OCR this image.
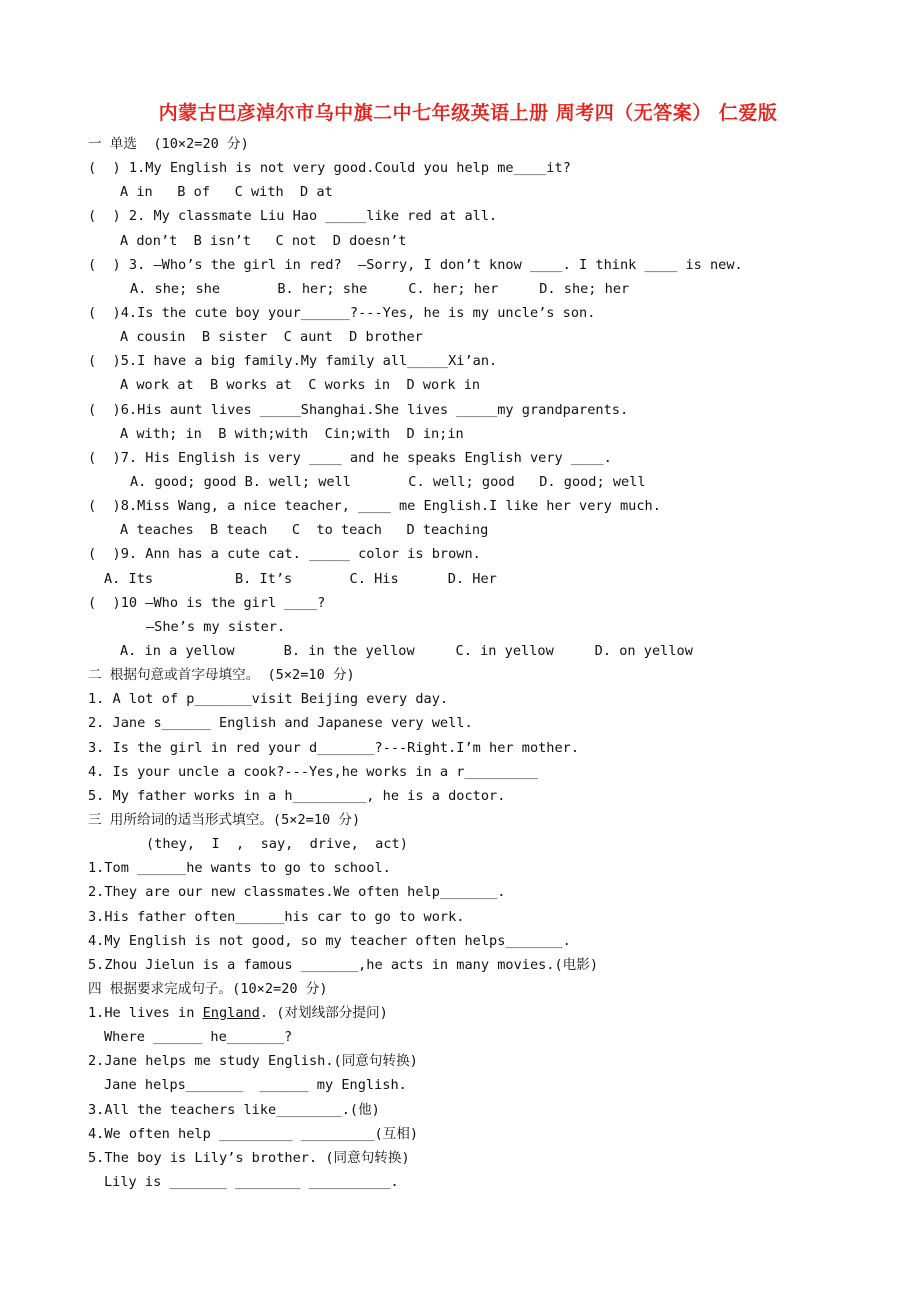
内蒙古巴彦淖尔市乌中旗二中七年级英语上册 周考四（无答案） 仁爱版
一 单选  (10×2=20 分)
(  ) 1.My English is not very good.Could you help me____it?
A in   B of   C with  D at
(  ) 2. My classmate Liu Hao _____like red at all.
A don’t  B isn’t   C not  D doesn’t
(  ) 3. —Who’s the girl in red?  —Sorry, I don’t know ____. I think ____ is new.
A. she; she       B. her; she     C. her; her     D. she; her
(  )4.Is the cute boy your______?---Yes, he is my uncle’s son.
A cousin  B sister  C aunt  D brother
(  )5.I have a big family.My family all_____Xi’an.
A work at  B works at  C works in  D work in
(  )6.His aunt lives _____Shanghai.She lives _____my grandparents.
A with; in  B with;with  Cin;with  D in;in
(  )7. His English is very ____ and he speaks English very ____.
A. good; good B. well; well       C. well; good   D. good; well
(  )8.Miss Wang, a nice teacher, ____ me English.I like her very much.
A teaches  B teach   C  to teach   D teaching
(  )9. Ann has a cute cat. _____ color is brown.
A. Its          B. It’s       C. His      D. Her
(  )10 —Who is the girl ____?
—She’s my sister.
A. in a yellow      B. in the yellow     C. in yellow     D. on yellow
二 根据句意或首字母填空。 (5×2=10 分)
1. A lot of p_______visit Beijing every day.
2. Jane s______ English and Japanese very well.
3. Is the girl in red your d_______?---Right.I’m her mother.
4. Is your uncle a cook?---Yes,he works in a r_________
5. My father works in a h_________, he is a doctor.
三 用所给词的适当形式填空。(5×2=10 分)
(they,  I  ,  say,  drive,  act)
1.Tom ______he wants to go to school.
2.They are our new classmates.We often help_______.
3.His father often______his car to go to work.
4.My English is not good, so my teacher often helps_______.
5.Zhou Jielun is a famous _______,he acts in many movies.(电影)
四 根据要求完成句子。(10×2=20 分)
1.He lives in England. (对划线部分提问)
Where ______ he_______?
2.Jane helps me study English.(同意句转换)
Jane helps_______  ______ my English.
3.All the teachers like________.(他)
4.We often help _________ _________(互相)
5.The boy is Lily’s brother. (同意句转换)
Lily is _______ ________ __________.
